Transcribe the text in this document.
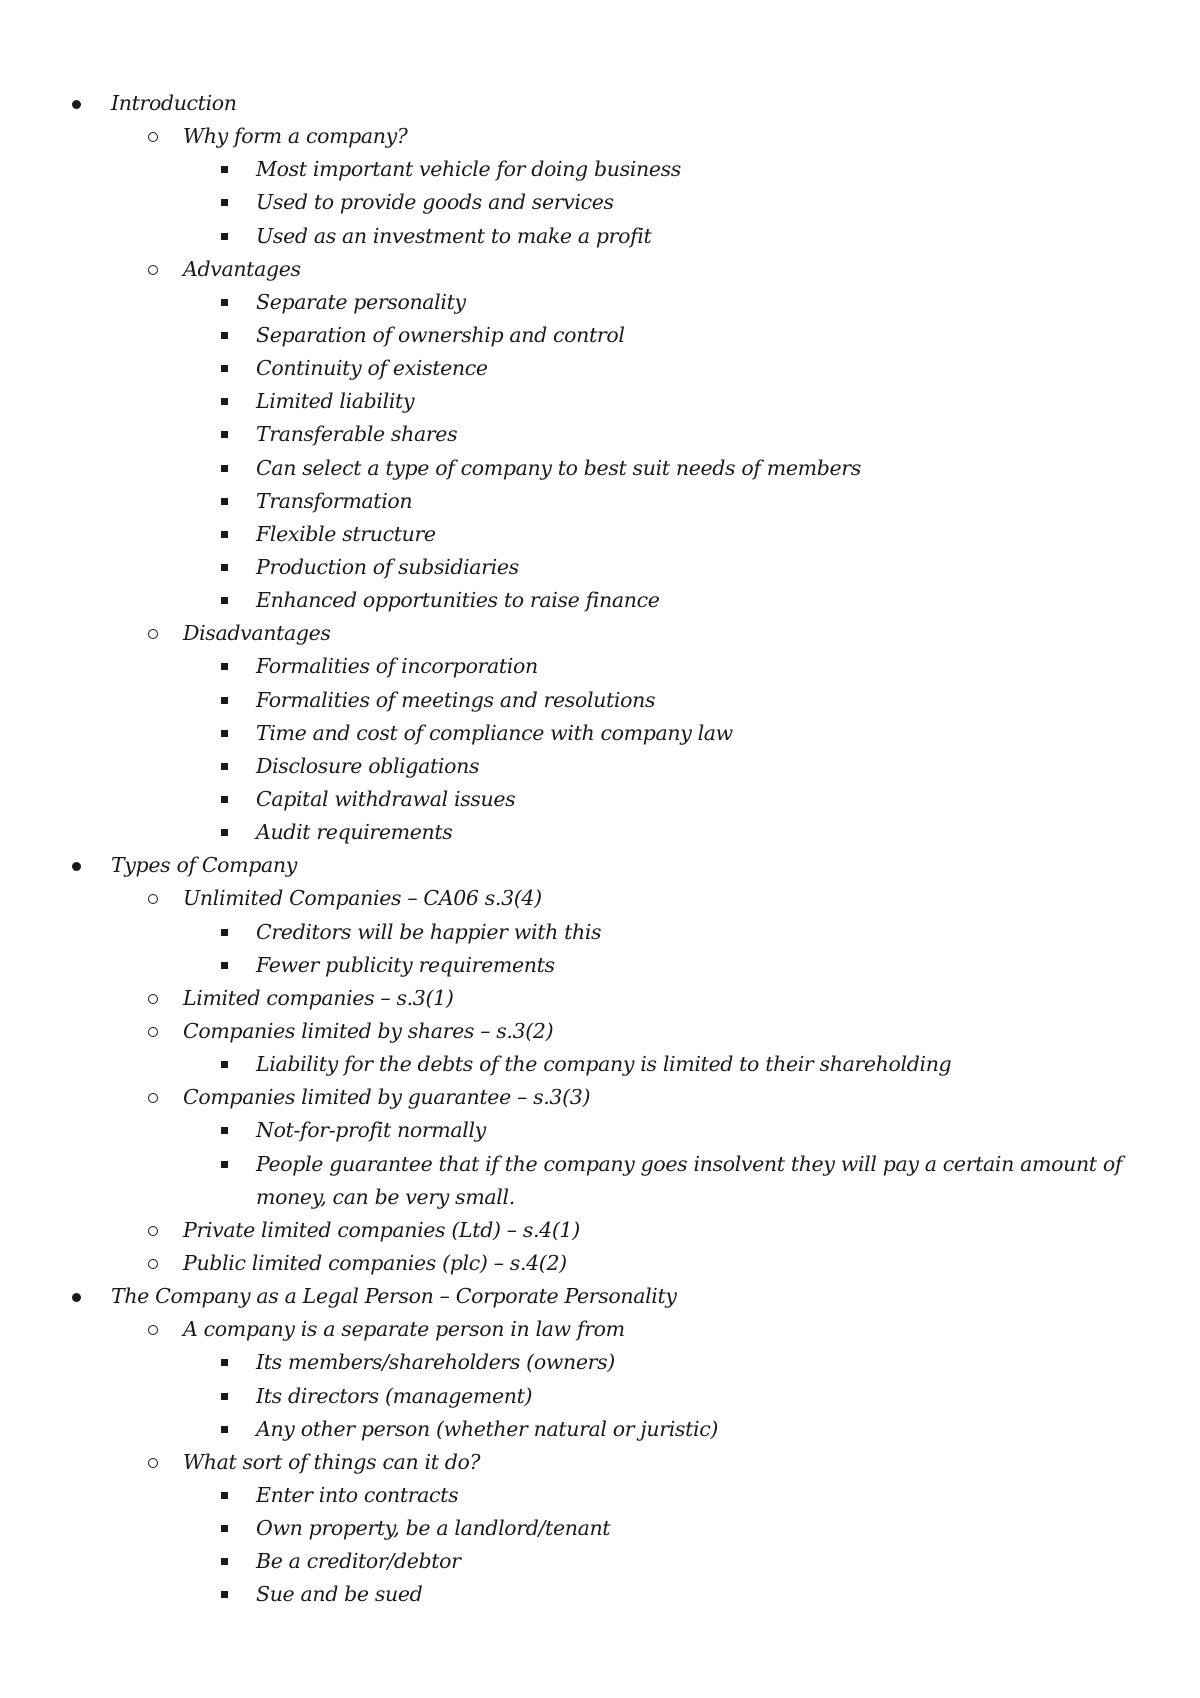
Introduction
Why form a company?
Most important vehicle for doing business
Used to provide goods and services
Used as an investment to make a profit
Advantages
Separate personality
Separation of ownership and control
Continuity of existence
Limited liability
Transferable shares
Can select a type of company to best suit needs of members
Transformation
Flexible structure
Production of subsidiaries
Enhanced opportunities to raise finance
Disadvantages
Formalities of incorporation
Formalities of meetings and resolutions
Time and cost of compliance with company law
Disclosure obligations
Capital withdrawal issues
Audit requirements
Types of Company
Unlimited Companies – CA06 s.3(4)
Creditors will be happier with this
Fewer publicity requirements
Limited companies – s.3(1)
Companies limited by shares – s.3(2)
Liability for the debts of the company is limited to their shareholding
Companies limited by guarantee – s.3(3)
Not-for-profit normally
People guarantee that if the company goes insolvent they will pay a certain amount of money, can be very small.
Private limited companies (Ltd) – s.4(1)
Public limited companies (plc) – s.4(2)
The Company as a Legal Person – Corporate Personality
A company is a separate person in law from
Its members/shareholders (owners)
Its directors (management)
Any other person (whether natural or juristic)
What sort of things can it do?
Enter into contracts
Own property, be a landlord/tenant
Be a creditor/debtor
Sue and be sued
